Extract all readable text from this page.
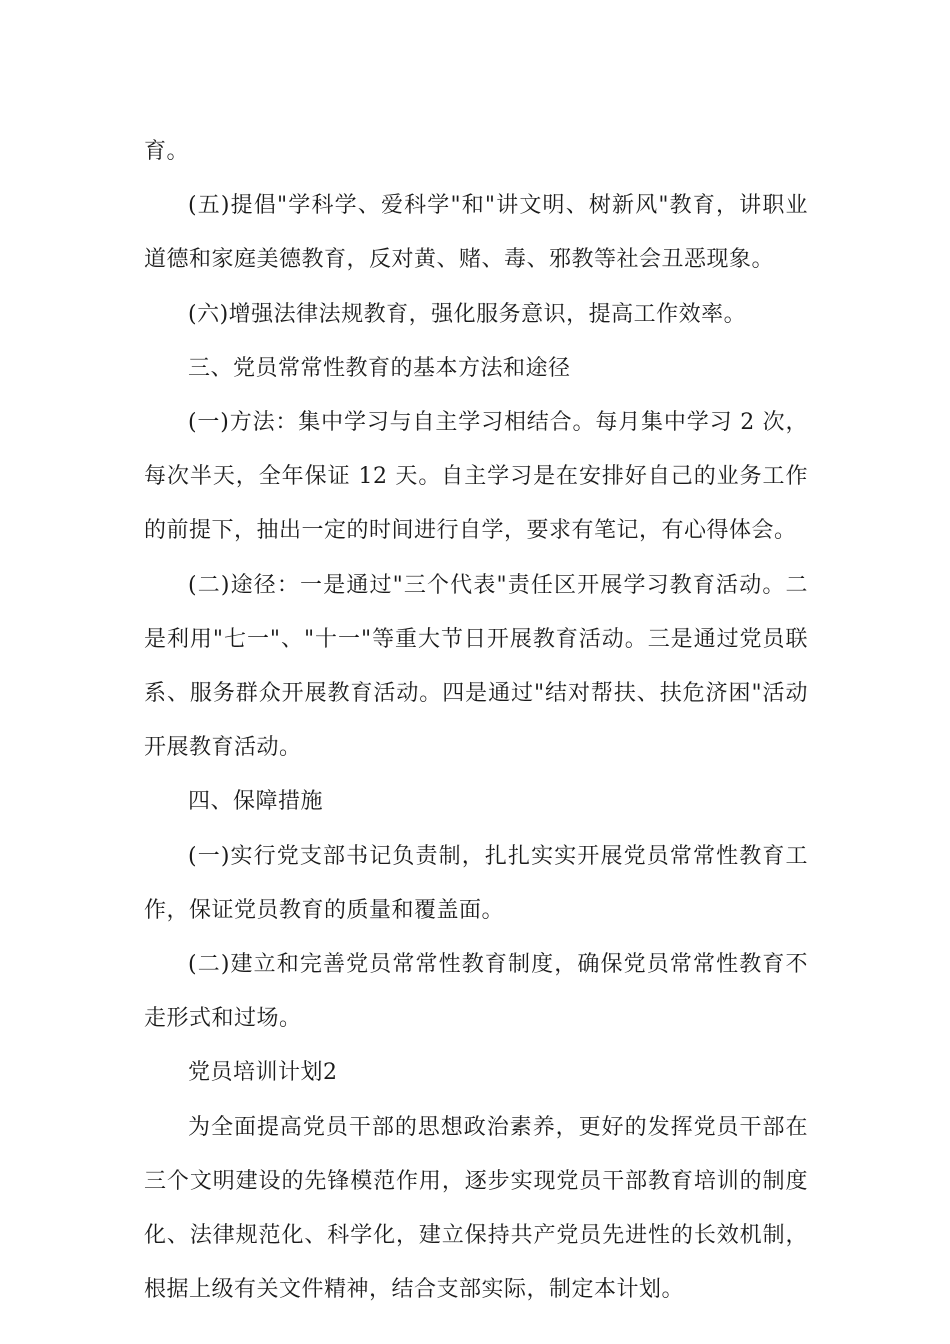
育。

(五)提倡"学科学、爱科学"和"讲文明、树新风"教育，讲职业道德和家庭美德教育，反对黄、赌、毒、邪教等社会丑恶现象。

(六)增强法律法规教育，强化服务意识，提高工作效率。

三、党员常常性教育的基本方法和途径

(一)方法：集中学习与自主学习相结合。每月集中学习 2 次，每次半天，全年保证 12 天。自主学习是在安排好自己的业务工作的前提下，抽出一定的时间进行自学，要求有笔记，有心得体会。

(二)途径：一是通过"三个代表"责任区开展学习教育活动。二是利用"七一"、"十一"等重大节日开展教育活动。三是通过党员联系、服务群众开展教育活动。四是通过"结对帮扶、扶危济困"活动开展教育活动。

四、保障措施

(一)实行党支部书记负责制，扎扎实实开展党员常常性教育工作，保证党员教育的质量和覆盖面。

(二)建立和完善党员常常性教育制度，确保党员常常性教育不走形式和过场。

党员培训计划2

为全面提高党员干部的思想政治素养，更好的发挥党员干部在三个文明建设的先锋模范作用，逐步实现党员干部教育培训的制度化、法律规范化、科学化，建立保持共产党员先进性的长效机制，根据上级有关文件精神，结合支部实际，制定本计划。
